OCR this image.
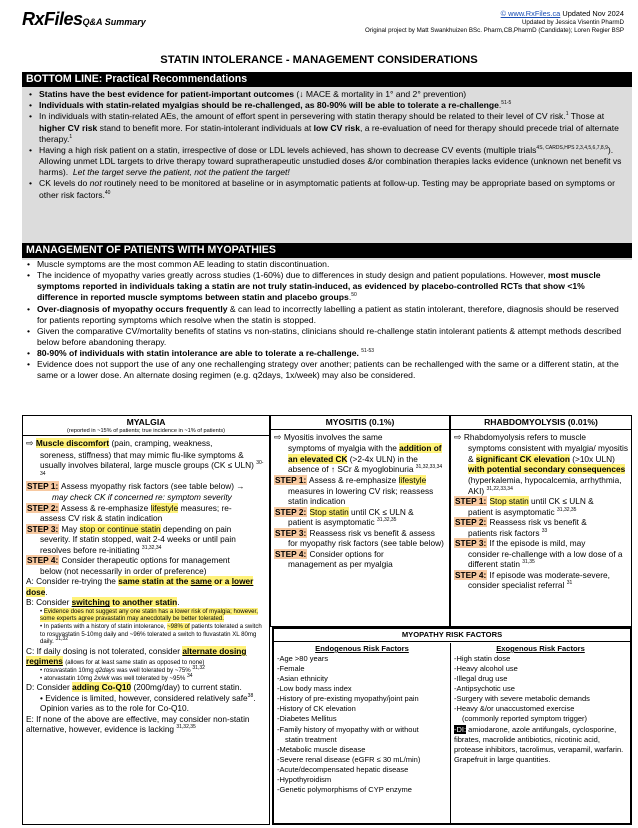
RxFilesQ&A Summary
© www.RxFiles.ca Updated Nov 2024
Updated by Jessica Visentin PharmD
Original project by Matt Swankhuizen BSc. Pharm,CB,PharmD (Candidate); Loren Regier BSP
STATIN INTOLERANCE - MANAGEMENT CONSIDERATIONS
BOTTOM LINE: Practical Recommendations
• Statins have the best evidence for patient-important outcomes (↓ MACE & mortality in 1° and 2° prevention)
• Individuals with statin-related myalgias should be re-challenged, as 80-90% will be able to tolerate a re-challenge.$^{51-5}$
• In individuals with statin-related AEs, the amount of effort spent in persevering with statin therapy should be related to their level of CV risk.$^1$ Those at higher CV risk stand to benefit more. For statin-intolerant individuals at low CV risk, a re-evaluation of need for therapy should precede trial of alternate therapy.$^1$
• Having a high risk patient on a statin, irrespective of dose or LDL levels achieved, has shown to decrease CV events (multiple trials$^{4S, CARDS,HPS 2,3,4,5,6,7,8,9}$).  Allowing unmet LDL targets to drive therapy toward supratherapeutic unstudied doses &/or combination therapies lacks evidence (unknown net benefit vs harms).  Let the target serve the patient, not the patient the target!
• CK levels do not routinely need to be monitored at baseline or in asymptomatic patients at follow-up. Testing may be appropriate based on symptoms or other risk factors.$^{40}$
MANAGEMENT OF PATIENTS WITH MYOPATHIES
• Muscle symptoms are the most common AE leading to statin discontinuation.
• The incidence of myopathy varies greatly across studies (1-60%) due to differences in study design and patient populations. However, most muscle symptoms reported in individuals taking a statin are not truly statin-induced, as evidenced by placebo-controlled RCTs that show <1% difference in reported muscle symptoms between statin and placebo groups.$^{50}$
• Over-diagnosis of myopathy occurs frequently & can lead to incorrectly labelling a patient as statin intolerant, therefore, diagnosis should be reserved for patients reporting symptoms which resolve when the statin is stopped.
• Given the comparative CV/mortality benefits of statins vs non-statins, clinicians should re-challenge statin intolerant patients & attempt methods described below before abandoning therapy.
• 80-90% of individuals with statin intolerance are able to tolerate a re-challenge. $^{51-53}$
• Evidence does not support the use of any one rechallenging strategy over another; patients can be rechallenged with the same or a different statin, at the same or a lower dose. An alternate dosing regimen (e.g. q2days, 1x/week) may also be considered.
MYALGIA
(reported in ~15% of patients; true incidence in ~1% of patients)
⇨ Muscle discomfort (pain, cramping, weakness,
soreness, stiffness) that may mimic flu-like symptoms & usually involves bilateral, large muscle groups (CK ≤ ULN) $^{30-34}$
STEP 1: Assess myopathy risk factors (see table below) →
may check CK if concerned re: symptom severity
STEP 2: Assess & re-emphasize lifestyle measures; re-
assess CV risk & statin indication
STEP 3: May stop or continue statin depending on pain
severity. If statin stopped, wait 2-4 weeks or until pain resolves before re-initiating $^{31,32,34}$
STEP 4: Consider therapeutic options for management
below (not necessarily in order of preference)
A: Consider re-trying the same statin at the same or a lower dose.
B: Consider switching to another statin.
• Evidence does not suggest any one statin has a lower risk of myalgia; however, some experts agree pravastatin may anecdotally be better tolerated.
• In patients with a history of statin intolerance, ~98% of patients tolerated a switch to rosuvastatin 5-10mg daily and ~96% tolerated a switch to fluvastatin XL 80mg daily. $^{31,32}$
C: If daily dosing is not tolerated, consider alternate dosing regimens (allows for at least same statin as opposed to none)
• rosuvastatin 10mg q2days was well tolerated by ~75% $^{31,32}$
• atorvastatin 10mg 2x/wk was well tolerated by ~95% $^{34}$
D: Consider adding Co-Q10 (200mg/day) to current statin.
• Evidence is limited, however, considered relatively safe$^{38}$. Opinion varies as to the role for Co-Q10.
E: If none of the above are effective, may consider non-statin alternative, however, evidence is lacking $^{31,32,35}$
MYOSITIS (0.1%)
⇨ Myositis involves the same
symptoms of myalgia with the addition of an elevated CK (>2-4x ULN) in the absence of ↑ SCr & myoglobinuria $^{31,32,33,34}$
STEP 1: Assess & re-emphasize lifestyle
measures in lowering CV risk; reassess statin indication
STEP 2: Stop statin until CK ≤ ULN &
patient is asymptomatic $^{31,32,35}$
STEP 3: Reassess risk vs benefit & assess
for myopathy risk factors (see table below)
STEP 4: Consider options for
management as per myalgia
RHABDOMYOLYSIS (0.01%)
⇨ Rhabdomyolysis refers to muscle
symptoms consistent with myalgia/ myositis & significant CK elevation (>10x ULN) with potential secondary consequences (hyperkalemia, hypocalcemia, arrhythmia, AKI) $^{31,22,33,34}$
STEP 1: Stop statin until CK ≤ ULN &
patient is asymptomatic $^{31,32,35}$
STEP 2: Reassess risk vs benefit &
patients risk factors $^{33}$
STEP 3: If the episode is mild, may
consider re-challenge with a low dose of a different statin $^{31,35}$
STEP 4: If episode was moderate-severe,
consider specialist referral $^{31}$
MYOPATHY RISK FACTORS
Endogenous Risk Factors
-Age >80 years
-Female
-Asian ethnicity
-Low body mass index
-History of pre-existing myopathy/joint pain
-History of CK elevation
-Diabetes Mellitus
-Family history of myopathy with or without
statin treatment
-Metabolic muscle disease
-Severe renal disease (eGFR ≤ 30 mL/min)
-Acute/decompensated hepatic disease
-Hypothyroidism
-Genetic polymorphisms of CYP enzyme
Exogenous Risk Factors
-High statin dose
-Heavy alcohol use
-Illegal drug use
-Antipsychotic use
-Surgery with severe metabolic demands
-Heavy &/or unaccustomed exercise
(commonly reported symptom trigger)
-DI: amiodarone, azole antifungals, cyclosporine, fibrates, macrolide antibiotics, nicotinic acid, protease inhibitors, tacrolimus, verapamil, warfarin. Grapefruit in large quantities.
